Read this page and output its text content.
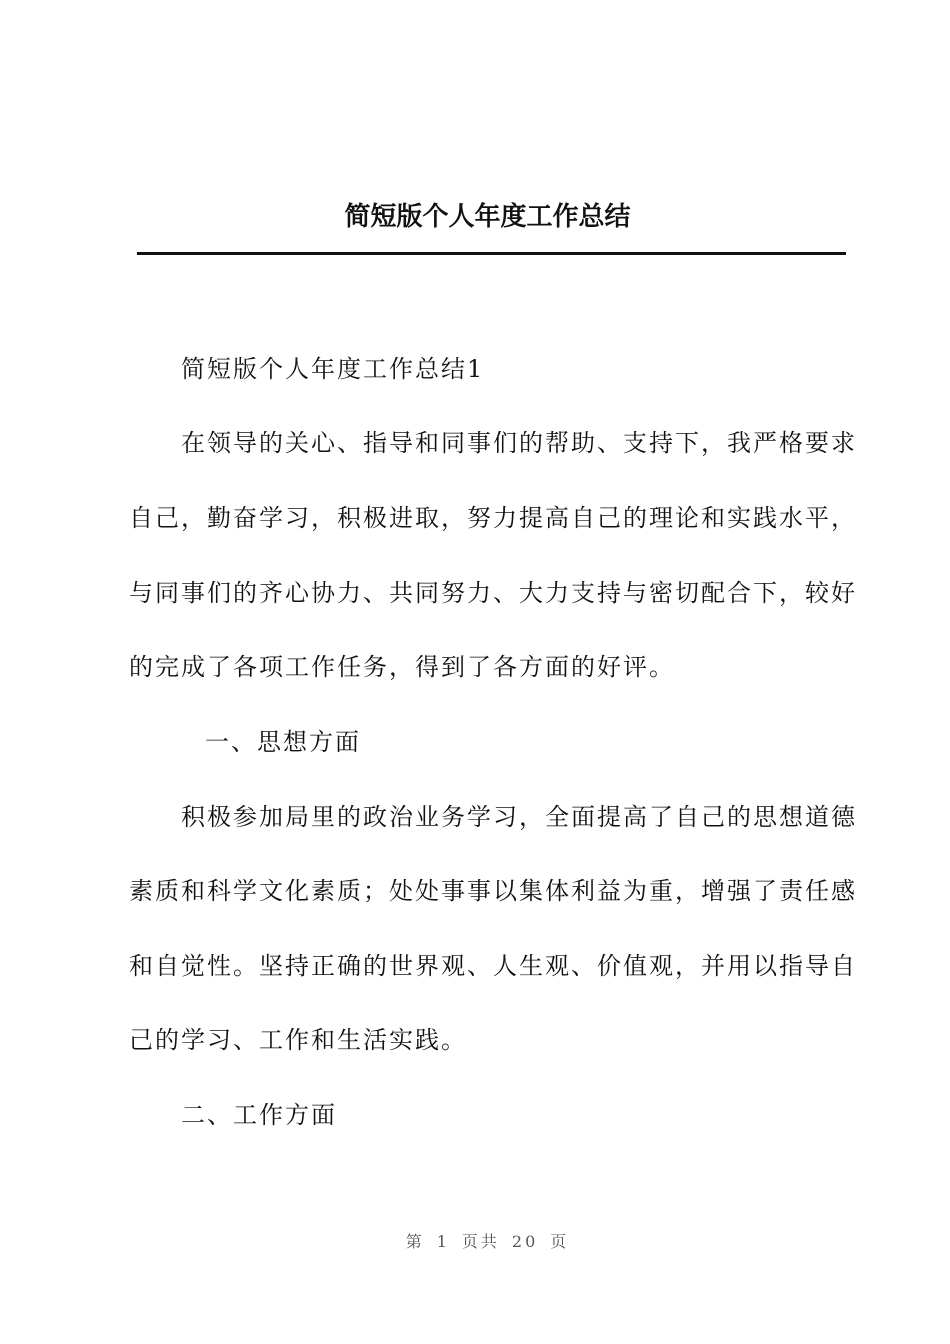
简短版个人年度工作总结
简短版个人年度工作总结1
在领导的关心、指导和同事们的帮助、支持下，我严格要求
自己，勤奋学习，积极进取，努力提高自己的理论和实践水平，
与同事们的齐心协力、共同努力、大力支持与密切配合下，较好
的完成了各项工作任务，得到了各方面的好评。
一、思想方面
积极参加局里的政治业务学习，全面提高了自己的思想道德
素质和科学文化素质；处处事事以集体利益为重，增强了责任感
和自觉性。坚持正确的世界观、人生观、价值观，并用以指导自
己的学习、工作和生活实践。
二、工作方面
第 1 页共 20 页
